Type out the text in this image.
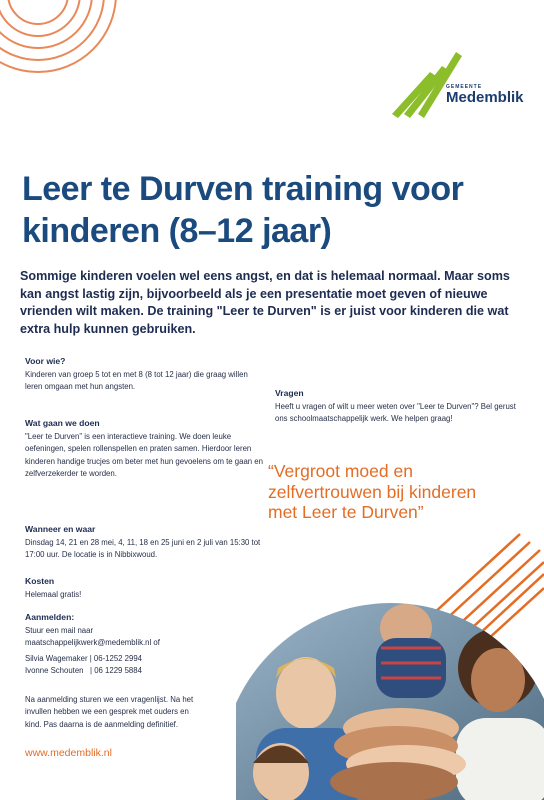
GEMEENTE
Medemblik
Leer te Durven training voor kinderen (8–12 jaar)

Sommige kinderen voelen wel eens angst, en dat is helemaal normaal. Maar soms kan angst lastig zijn, bijvoorbeeld als je een presentatie moet geven of nieuwe vrienden wilt maken. De training "Leer te Durven" is er juist voor kinderen die wat extra hulp kunnen gebruiken.

Voor wie?

Kinderen van groep 5 tot en met 8 (8 tot 12 jaar) die graag willen leren omgaan met hun angsten.

Wat gaan we doen

"Leer te Durven" is een interactieve training. We doen leuke oefeningen, spelen rollenspellen en praten samen. Hierdoor leren kinderen handige trucjes om beter met hun gevoelens om te gaan en zelfverzekerder te worden.

Wanneer en waar

Dinsdag 14, 21 en 28 mei, 4, 11, 18 en 25 juni en 2 juli van 15:30 tot 17:00 uur. De locatie is in Nibbixwoud.

Kosten

Helemaal gratis!

Aanmelden:

Stuur een mail naar

maatschappelijkwerk@medemblik.nl of

Silvia Wagemaker | 06-1252 2994

Ivonne Schouten   | 06 1229 5884

Na aanmelding sturen we een vragenlijst. Na het invullen hebben we een gesprek met ouders en kind. Pas daarna is de aanmelding definitief.

www.medemblik.nl

Vragen

Heeft u vragen of wilt u meer weten over "Leer te Durven"? Bel gerust ons schoolmaatschappelijk werk. We helpen graag!

“Vergroot moed en zelfvertrouwen bij kinderen met Leer te Durven”
